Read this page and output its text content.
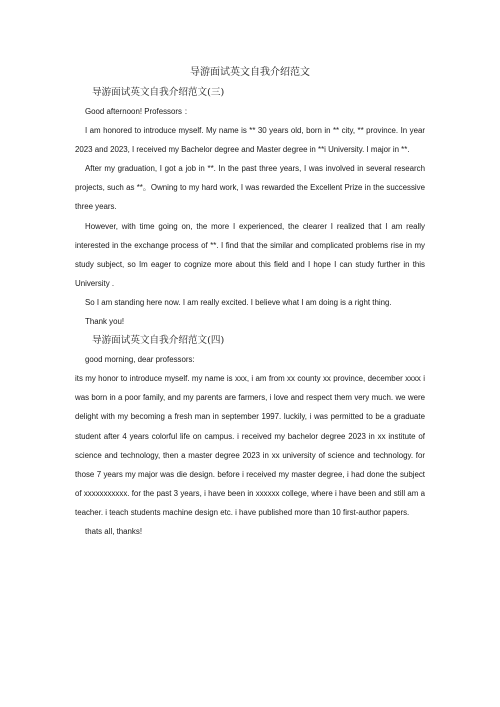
导游面试英文自我介绍范文

导游面试英文自我介绍范文(三)

Good afternoon! Professors ：

I am honored to introduce myself. My name is ** 30 years old, born in ** city, ** province. In year 2023 and 2023, I received my Bachelor degree and Master degree in **i University. I major in **.

After my graduation, I got a job in **. In the past three years, I was involved in several research projects, such as **。Owning to my hard work, I was rewarded the Excellent Prize in the successive three years.

However, with time going on, the more I experienced, the clearer I realized that I am really interested in the exchange process of **. I find that the similar and complicated problems rise in my study subject, so Im eager to cognize more about this field and I hope I can study further in this University .

So I am standing here now. I am really excited. I believe what I am doing is a right thing.

Thank you!

导游面试英文自我介绍范文(四)

good morning, dear professors:

its my honor to introduce myself. my name is xxx, i am from xx county xx province, december xxxx i was born in a poor family, and my parents are farmers, i love and respect them very much. we were delight with my becoming a fresh man in september 1997. luckily, i was permitted to be a graduate student after 4 years colorful life on campus. i received my bachelor degree 2023 in xx institute of science and technology, then a master degree 2023 in xx university of science and technology. for those 7 years my major was die design. before i received my master degree, i had done the subject of xxxxxxxxxxx. for the past 3 years, i have been in xxxxxx college, where i have been and still am a teacher. i teach students machine design etc. i have published more than 10 first-author papers.

thats all, thanks!
